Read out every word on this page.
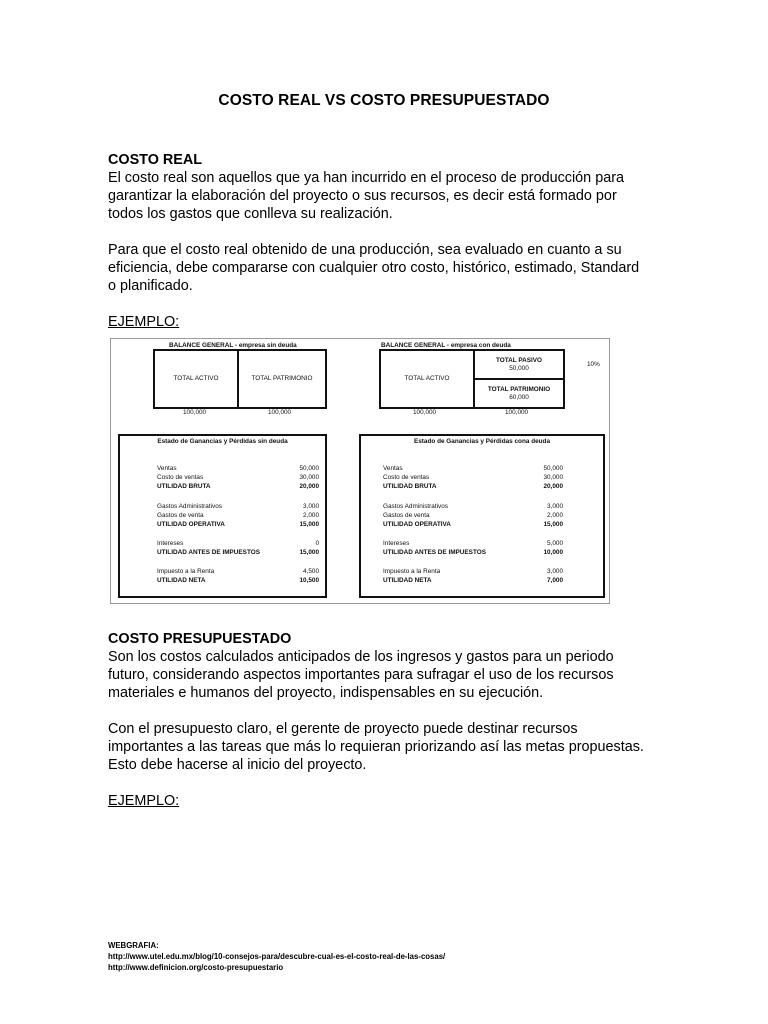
COSTO REAL VS COSTO PRESUPUESTADO
COSTO REAL
El costo real son aquellos que ya han incurrido en el proceso de producción para garantizar la elaboración del proyecto o sus recursos, es decir está formado por todos los gastos que conlleva su realización.
Para que el costo real obtenido de una producción, sea evaluado en cuanto a su eficiencia, debe compararse con cualquier otro costo, histórico, estimado, Standard o planificado.
EJEMPLO:
BALANCE GENERAL - empresa sin deuda
TOTAL ACTIVO	TOTAL PATRIMONIO
100,000	100,000
BALANCE GENERAL - empresa con deuda
TOTAL ACTIVO
TOTAL PASIVO
50,000
TOTAL PATRIMONIO
60,000
10%
100,000	100,000
Estado de Ganancias y Pérdidas sin deuda
Ventas	50,000
Costo de ventas	30,000
UTILIDAD BRUTA	20,000
Gastos Administrativos	3,000
Gastos de venta	2,000
UTILIDAD OPERATIVA	15,000
Intereses	0
UTILIDAD ANTES DE IMPUESTOS	15,000
Impuesto a la Renta	4,500
UTILIDAD NETA	10,500
Estado de Ganancias y Pérdidas cona deuda
Ventas	50,000
Costo de ventas	30,000
UTILIDAD BRUTA	20,000
Gastos Administrativos	3,000
Gastos de venta	2,000
UTILIDAD OPERATIVA	15,000
Intereses	5,000
UTILIDAD ANTES DE IMPUESTOS	10,000
Impuesto a la Renta	3,000
UTILIDAD NETA	7,000
COSTO PRESUPUESTADO
Son los costos calculados anticipados de los ingresos y gastos para un periodo futuro, considerando aspectos importantes para sufragar el uso de los recursos materiales e humanos del proyecto, indispensables en su ejecución.
Con el presupuesto claro, el gerente de proyecto puede destinar recursos importantes a las tareas que más lo requieran priorizando así las metas propuestas. Esto debe hacerse al inicio del proyecto.
EJEMPLO:
WEBGRAFIA:
http://www.utel.edu.mx/blog/10-consejos-para/descubre-cual-es-el-costo-real-de-las-cosas/
http://www.definicion.org/costo-presupuestario
